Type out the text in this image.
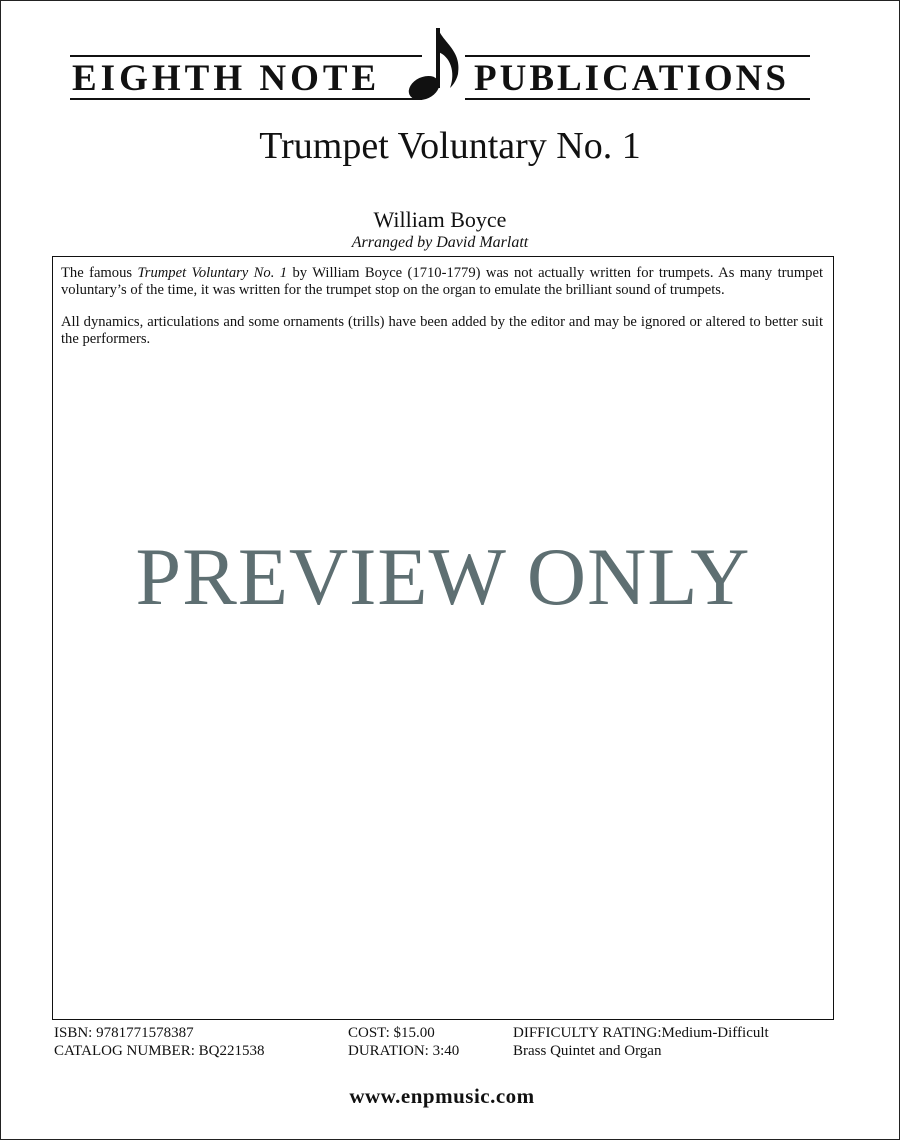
EIGHTH NOTE	PUBLICATIONS
Trumpet Voluntary No. 1
William Boyce
Arranged by David Marlatt

The famous Trumpet Voluntary No. 1 by William Boyce (1710-1779) was not actually written for trumpets. As many trumpet voluntary’s of the time, it was written for the trumpet stop on the organ to emulate the brilliant sound of trumpets.

All dynamics, articulations and some ornaments (trills) have been added by the editor and may be ignored or altered to better suit the performers.

PREVIEW ONLY
ISBN: 9781771578387
CATALOG NUMBER: BQ221538
COST: $15.00
DURATION: 3:40
DIFFICULTY RATING:Medium-Difficult
Brass Quintet and Organ
www.enpmusic.com
